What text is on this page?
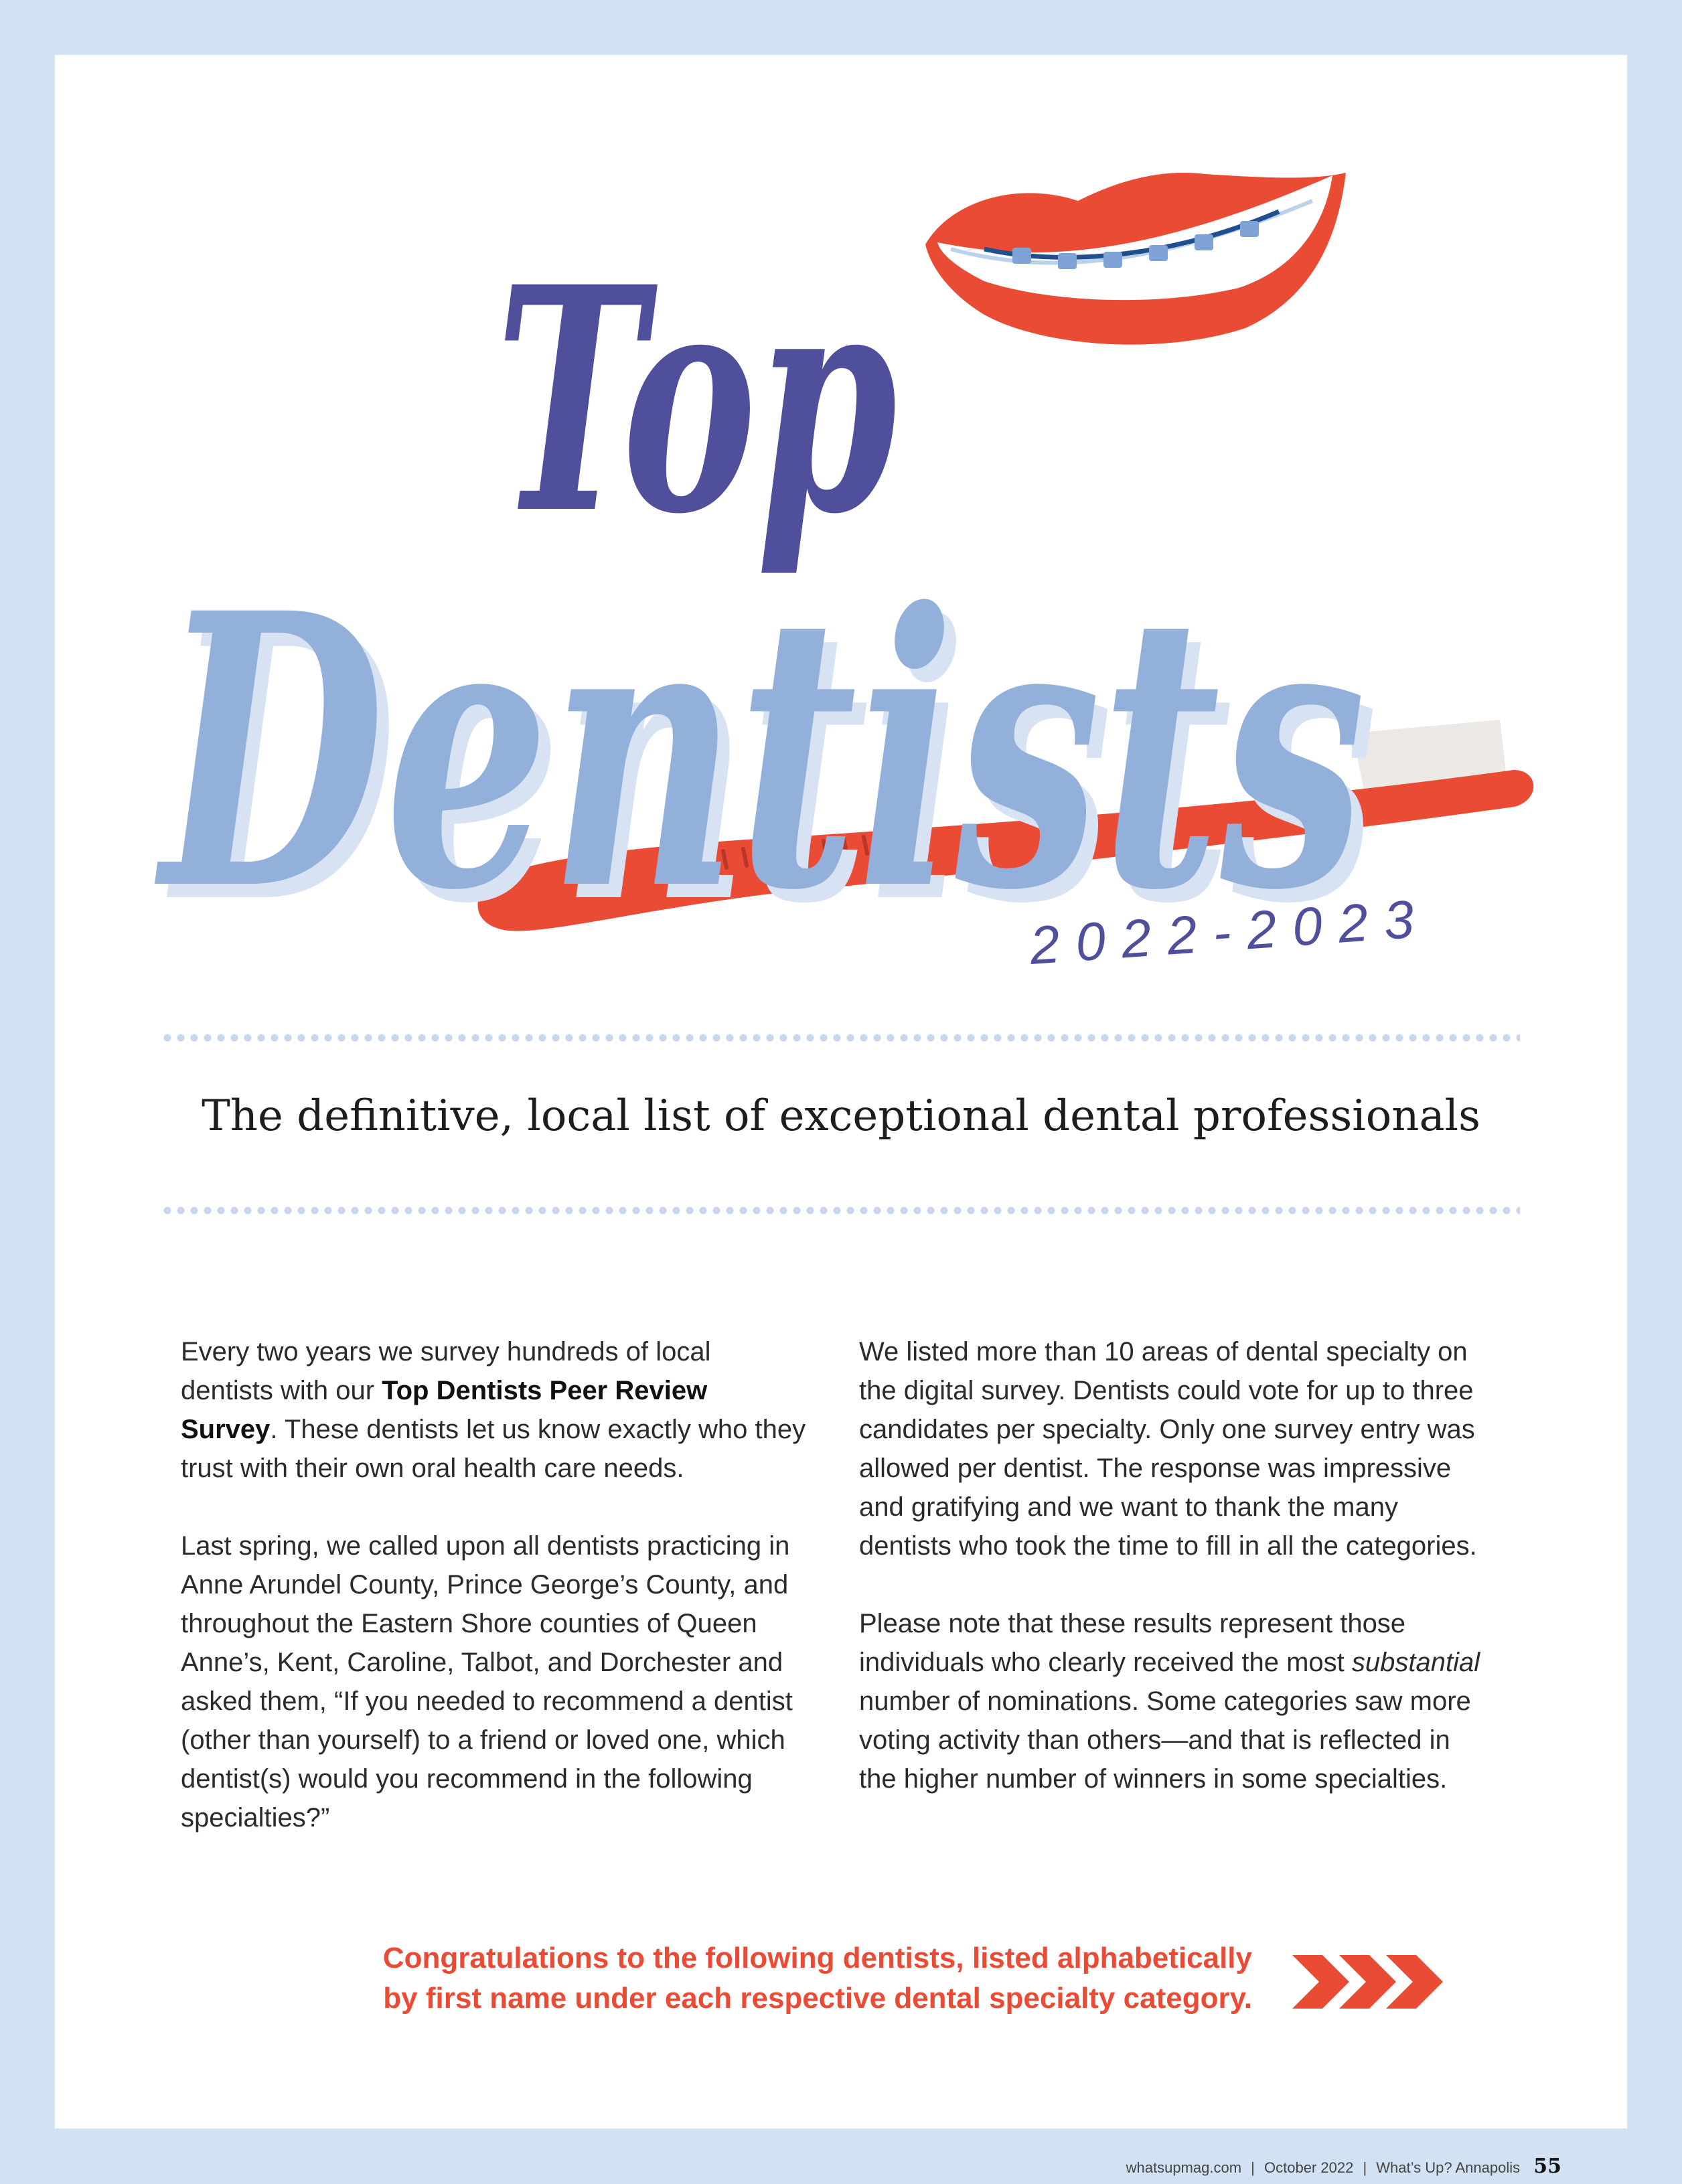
Dentists
Dentists
Top
2022-2023
The definitive, local list of exceptional dental professionals

Every two years we survey hundreds of local dentists with our Top Dentists Peer Review Survey. These dentists let us know exactly who they trust with their own oral health care needs.

Last spring, we called upon all dentists practicing in Anne Arundel County, Prince George’s County, and throughout the Eastern Shore counties of Queen Anne’s, Kent, Caroline, Talbot, and Dorchester and asked them, “If you needed to recommend a dentist (other than yourself) to a friend or loved one, which dentist(s) would you recommend in the following specialties?”

We listed more than 10 areas of dental specialty on the digital survey. Dentists could vote for up to three candidates per specialty. Only one survey entry was allowed per dentist. The response was impressive and gratifying and we want to thank the many dentists who took the time to fill in all the categories.

Please note that these results represent those individuals who clearly received the most substantial number of nominations. Some categories saw more voting activity than others—and that is reflected in the higher number of winners in some specialties.

Congratulations to the following dentists, listed alphabetically
by first name under each respective dental specialty category.
whatsupmag.com | October 2022 | What’s Up? Annapolis 55
